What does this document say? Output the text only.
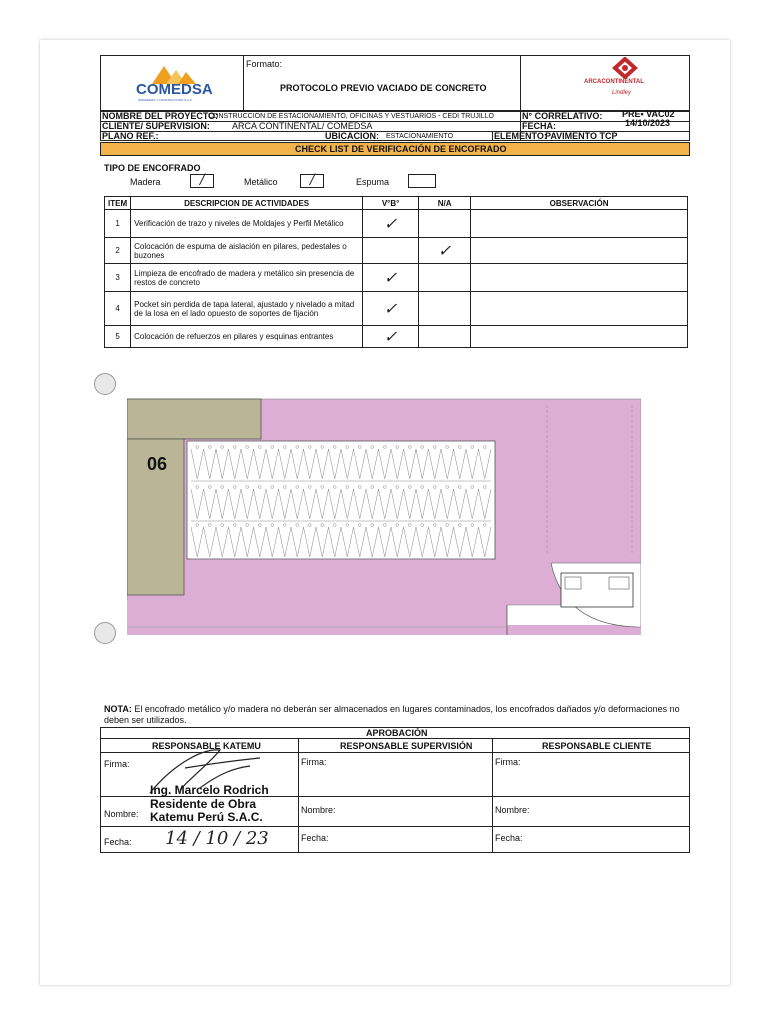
COMEDSA
INGENIERÍA Y CONSTRUCCIÓN S.A.C.
Formato:
PROTOCOLO PREVIO VACIADO DE CONCRETO
ARCACONTINENTAL
Lindley
NOMBRE DEL PROYECTO:
CONSTRUCCIÓN DE ESTACIONAMIENTO, OFICINAS Y VESTUARIOS - CEDI TRUJILLO	N° CORRELATIVO: PRE• VAC02
CLIENTE/ SUPERVISION: ARCA CONTINENTAL/ COMEDSA	FECHA:	14/10/2023
PLANO REF.:	UBICACION: ESTACIONAMIENTO	ELEMENTO:
PAVIMENTO TCP
CHECK LIST DE VERIFICACIÓN DE ENCOFRADO
TIPO DE ENCOFRADO
Madera	/	Metálico /	Espuma
ITEM	DESCRIPCION DE ACTIVIDADES	V°B°	N/A	OBSERVACIÓN
1	Verificación de trazo y niveles de Moldajes y Perfil Metálico	✓		
2	Colocación de espuma de aislación en pilares, pedestales o buzones		✓	
3	Limpieza de encofrado de madera y metálico sin presencia de restos de concreto	✓		
4	Pocket sin perdida de tapa lateral, ajustado y nivelado a mitad de la losa en el lado opuesto de soportes de fijación	✓		
5	Colocación de refuerzos en pilares y esquinas entrantes	✓		
06
NOTA: El encofrado metálico y/o madera no deberán ser almacenados en lugares contaminados, los encofrados dañados y/o deformaciones no deben ser utilizados.
APROBACIÓN
RESPONSABLE KATEMU	RESPONSABLE SUPERVISIÓN	RESPONSABLE CLIENTE
Firma:	Firma:	Firma:
Ing. Marcelo Rodrich
Residente de Obra
Katemu Perú S.A.C.
Nombre:	Nombre:	Nombre:
Fecha: 14 / 10 / 23	Fecha:	Fecha:
